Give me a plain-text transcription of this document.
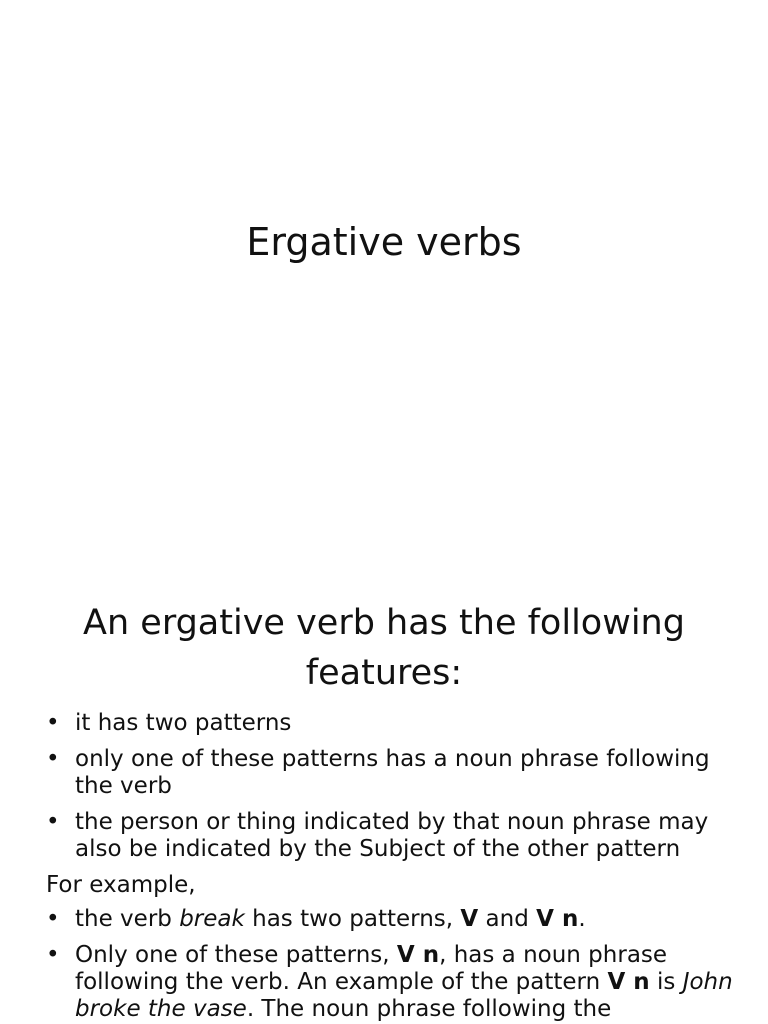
Ergative verbs
An ergative verb has the following features:
• it has two patterns
• only one of these patterns has a noun phrase following the verb
• the person or thing indicated by that noun phrase may also be indicated by the Subject of the other pattern
For example,
• the verb break has two patterns, V and V n.
• Only one of these patterns, V n, has a noun phrase following the verb. An example of the pattern V n is John broke the vase. The noun phrase following the
